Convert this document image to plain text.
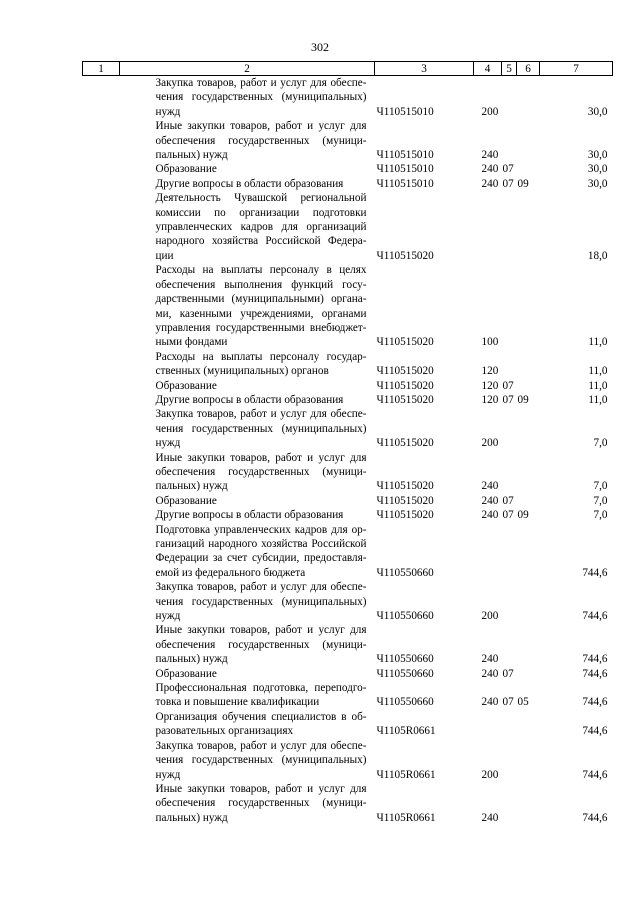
302
1	2	3	4	5	6	7
	Закупка товаров, работ и услуг для обеспе-чения государственных (муниципальных) нужд	Ч110515010	200			30,0
	Иные закупки товаров, работ и услуг для обеспечения государственных (муници-пальных) нужд	Ч110515010	240			30,0
	Образование	Ч110515010	240	07		30,0
	Другие вопросы в области образования	Ч110515010	240	07	09	30,0
	Деятельность Чувашской региональной комиссии по организации подготовки управленческих кадров для организаций народного хозяйства Российской Федера-ции	Ч110515020				18,0
	Расходы на выплаты персоналу в целях обеспечения выполнения функций госу-дарственными (муниципальными) органа-ми, казенными учреждениями, органами управления государственными внебюджет-ными фондами	Ч110515020	100			11,0
	Расходы на выплаты персоналу государ-ственных (муниципальных) органов	Ч110515020	120			11,0
	Образование	Ч110515020	120	07		11,0
	Другие вопросы в области образования	Ч110515020	120	07	09	11,0
	Закупка товаров, работ и услуг для обеспе-чения государственных (муниципальных) нужд	Ч110515020	200			7,0
	Иные закупки товаров, работ и услуг для обеспечения государственных (муници-пальных) нужд	Ч110515020	240			7,0
	Образование	Ч110515020	240	07		7,0
	Другие вопросы в области образования	Ч110515020	240	07	09	7,0
	Подготовка управленческих кадров для ор-ганизаций народного хозяйства Российской Федерации за счет субсидии, предоставля-емой из федерального бюджета	Ч110550660				744,6
	Закупка товаров, работ и услуг для обеспе-чения государственных (муниципальных) нужд	Ч110550660	200			744,6
	Иные закупки товаров, работ и услуг для обеспечения государственных (муници-пальных) нужд	Ч110550660	240			744,6
	Образование	Ч110550660	240	07		744,6
	Профессиональная подготовка, переподго-товка и повышение квалификации	Ч110550660	240	07	05	744,6
	Организация обучения специалистов в об-разовательных организациях	Ч1105R0661				744,6
	Закупка товаров, работ и услуг для обеспе-чения государственных (муниципальных) нужд	Ч1105R0661	200			744,6
	Иные закупки товаров, работ и услуг для обеспечения государственных (муници-пальных) нужд	Ч1105R0661	240			744,6
